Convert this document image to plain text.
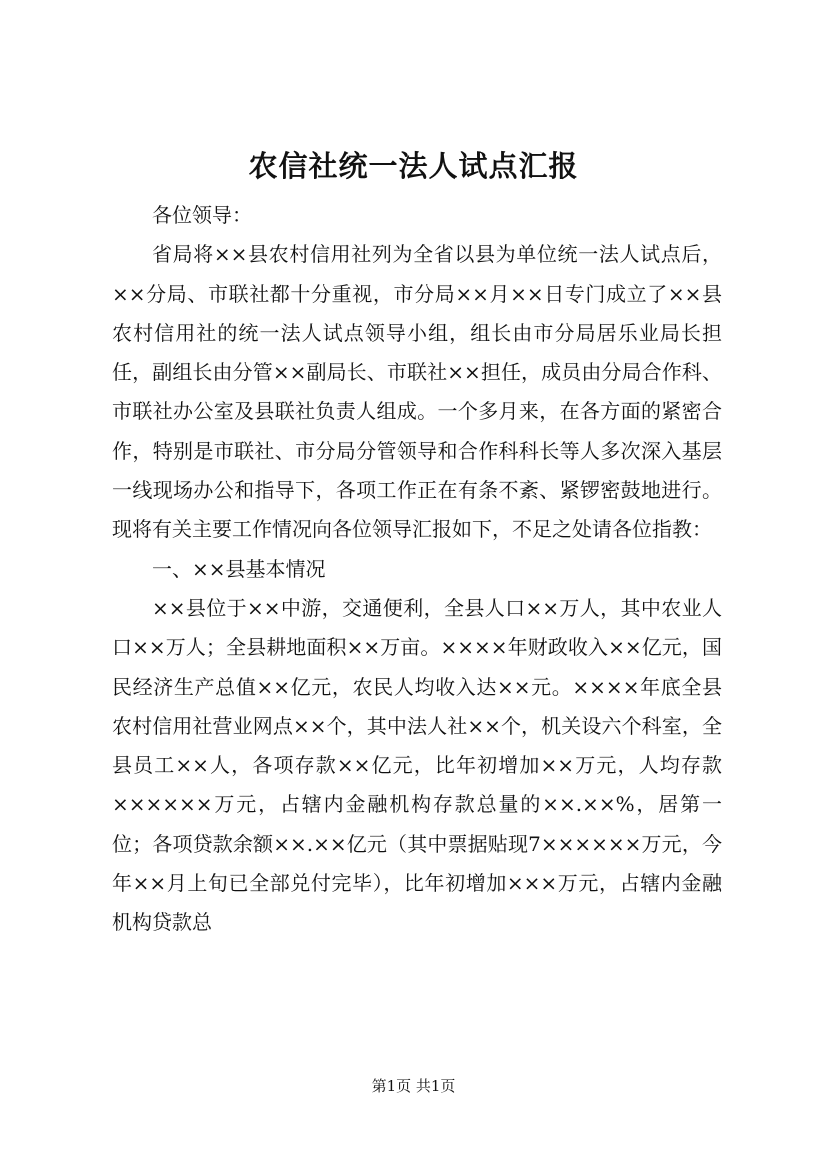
农信社统一法人试点汇报

各位领导：

省局将××县农村信用社列为全省以县为单位统一法人试点后，××分局、市联社都十分重视，市分局××月××日专门成立了××县农村信用社的统一法人试点领导小组，组长由市分局居乐业局长担任，副组长由分管××副局长、市联社××担任，成员由分局合作科、市联社办公室及县联社负责人组成。一个多月来，在各方面的紧密合作，特别是市联社、市分局分管领导和合作科科长等人多次深入基层一线现场办公和指导下，各项工作正在有条不紊、紧锣密鼓地进行。现将有关主要工作情况向各位领导汇报如下，不足之处请各位指教：

一、××县基本情况

××县位于××中游，交通便利，全县人口××万人，其中农业人口××万人；全县耕地面积××万亩。××××年财政收入××亿元，国民经济生产总值××亿元，农民人均收入达××元。××××年底全县农村信用社营业网点××个，其中法人社××个，机关设六个科室，全县员工××人，各项存款××亿元，比年初增加××万元，人均存款××××××万元，占辖内金融机构存款总量的××.××%，居第一位；各项贷款余额××.××亿元（其中票据贴现7××××××万元，今年××月上旬已全部兑付完毕），比年初增加×××万元，占辖内金融机构贷款总

第1页 共1页
